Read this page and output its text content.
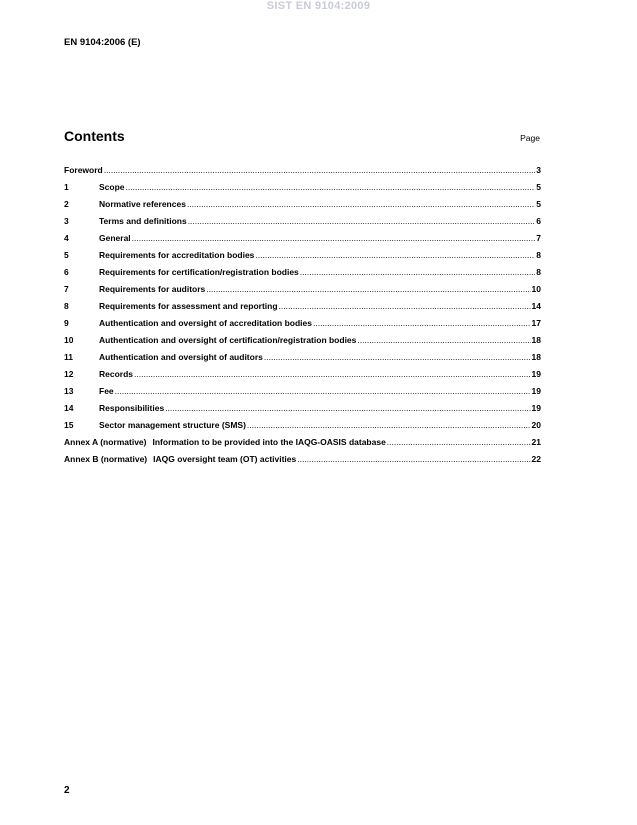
SIST EN 9104:2009
EN 9104:2006 (E)
Contents	Page
Foreword .....	3
1	Scope .....	5
2	Normative references .....	5
3	Terms and definitions .....	6
4	General .....	7
5	Requirements for accreditation bodies .....	8
6	Requirements for certification/registration bodies .....	8
7	Requirements for auditors .....	10
8	Requirements for assessment and reporting .....	14
9	Authentication and oversight of accreditation bodies .....	17
10	Authentication and oversight of certification/registration bodies .....	18
11	Authentication and oversight of auditors .....	18
12	Records .....	19
13	Fee .....	19
14	Responsibilities .....	19
15	Sector management structure (SMS) .....	20
Annex A (normative) Information to be provided into the IAQG-OASIS database .....	21
Annex B (normative) IAQG oversight team (OT) activities .....	22
2
